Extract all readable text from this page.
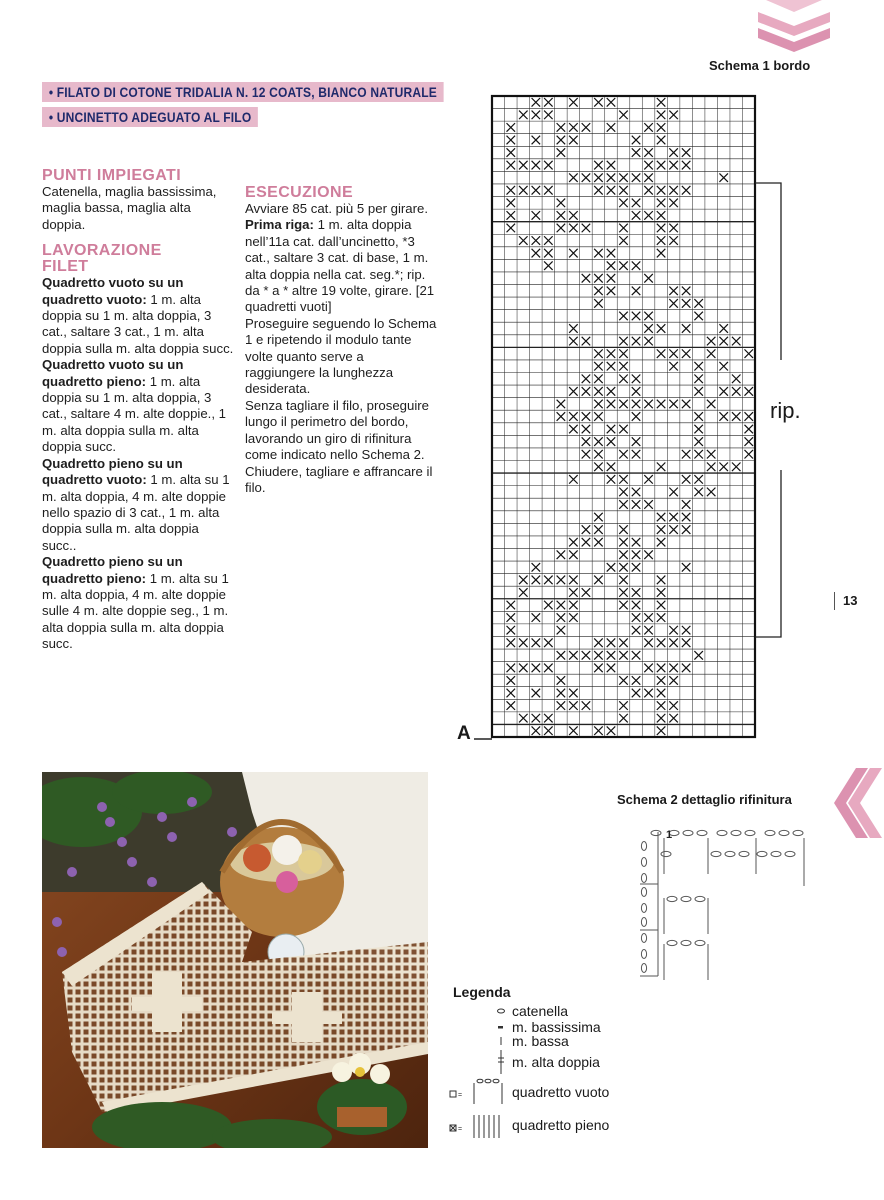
• FILATO DI COTONE TRIDALIA N. 12 COATS, BIANCO NATURALE
• UNCINETTO ADEGUATO AL FILO
PUNTI IMPIEGATI
Catenella, maglia bassissima, maglia bassa, maglia alta doppia.
LAVORAZIONE FILET
Quadretto vuoto su un quadretto vuoto: 1 m. alta doppia su 1 m. alta doppia, 3 cat., saltare 3 cat., 1 m. alta doppia sulla m. alta doppia succ.
Quadretto vuoto su un quadretto pieno: 1 m. alta doppia su 1 m. alta doppia, 3 cat., saltare 4 m. alte doppie., 1 m. alta doppia sulla m. alta doppia succ.
Quadretto pieno su un quadretto vuoto: 1 m. alta su 1 m. alta doppia, 4 m. alte doppie nello spazio di 3 cat., 1 m. alta doppia sulla m. alta doppia succ..
Quadretto pieno su un quadretto pieno: 1 m. alta su 1 m. alta doppia, 4 m. alte doppie sulle 4 m. alte doppie seg., 1 m. alta doppia sulla m. alta doppia succ.
ESECUZIONE
Avviare 85 cat. più 5 per girare.
Prima riga: 1 m. alta doppia nell’11a cat. dall’uncinetto, *3 cat., saltare 3 cat. di base, 1 m. alta doppia nella cat. seg.*; rip. da * a * altre 19 volte, girare. [21 quadretti vuoti]
Proseguire seguendo lo Schema 1 e ripetendo il modulo tante volte quanto serve a raggiungere la lunghezza desiderata.
Senza tagliare il filo, proseguire lungo il perimetro del bordo, lavorando un giro di rifinitura come indicato nello Schema 2.
Chiudere, tagliare e affrancare il filo.
Schema 1 bordo
rip.
A
13
Schema 2 dettaglio rifinitura
1
Legenda
catenella
m. bassissima
m. bassa
m. alta doppia
=	quadretto vuoto
=	quadretto pieno
